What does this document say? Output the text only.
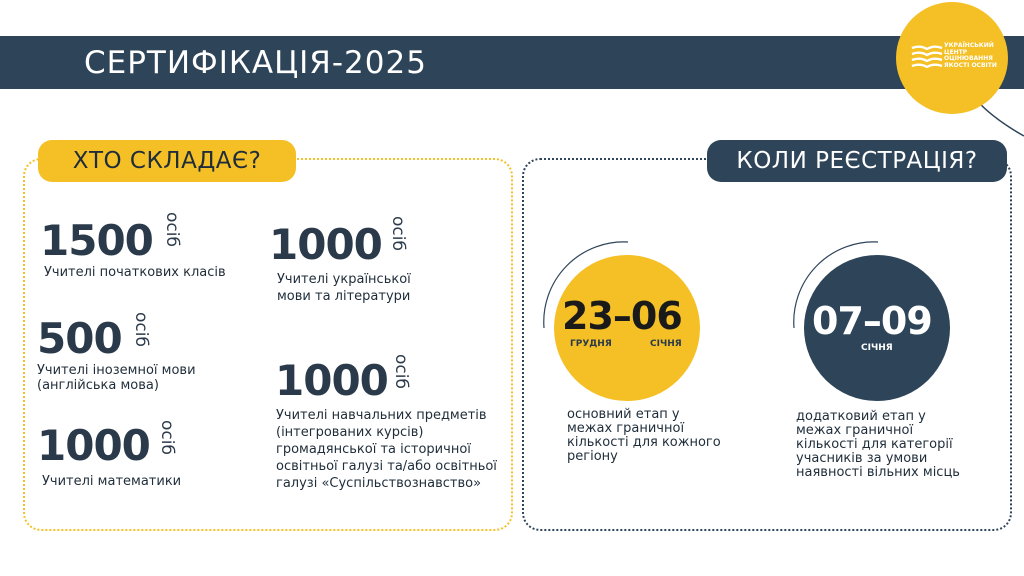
СЕРТИФІКАЦІЯ-2025	УКРАЇНСЬКИЙ ЦЕНТР ОЦІНЮВАННЯ ЯКОСТІ ОСВІТИ
ХТО СКЛАДАЄ?
1500 осіб
Учителі початкових класів
1000 осіб
Учителі української
мови та літератури
500 осіб
Учителі іноземної мови
(англійська мова)	1000 осіб
Учителі навчальних предметів
(інтегрованих курсів)
громадянської та історичної
освітньої галузі та/або освітньої
галузі «Суспільствознавство»
1000 осіб
Учителі математики
КОЛИ РЕЄСТРАЦІЯ?
23–06
ГРУДНЯ	СІЧНЯ
основний етап у
межах граничної
кількості для кожного
регіону
07–09
СІЧНЯ
додатковий етап у
межах граничної
кількості для категорії
учасників за умови
наявності вільних місць
